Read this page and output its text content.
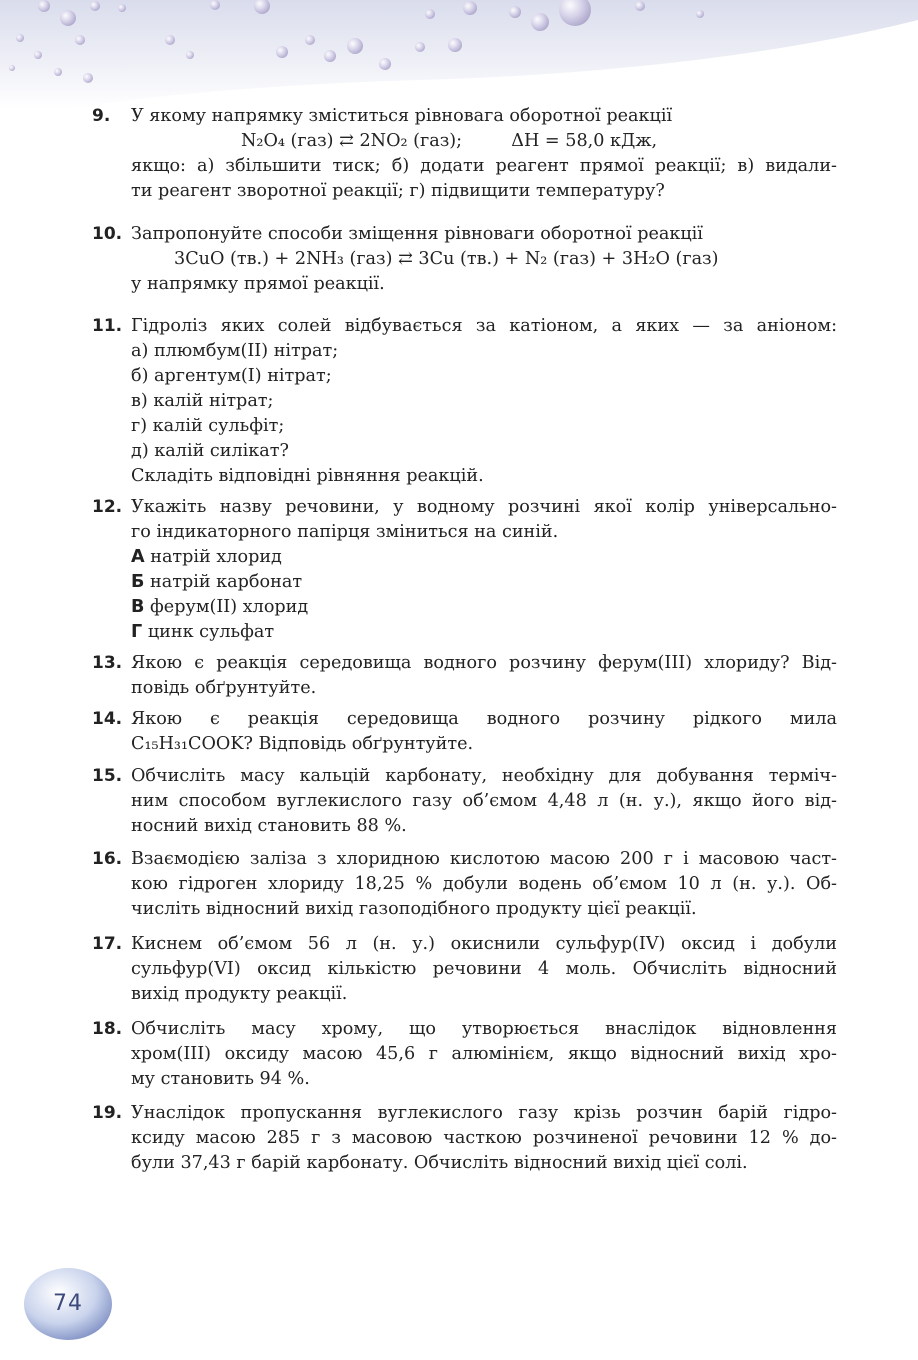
9. У якому напрямку зміститься рівновага оборотної реакції
N₂O₄ (газ) ⇄ 2NO₂ (газ);	ΔH = 58,0 кДж,
якщо: а) збільшити тиск; б) додати реагент прямої реакції; в) видали-
ти реагент зворотної реакції; г) підвищити температуру?
10. Запропонуйте способи зміщення рівноваги оборотної реакції
3CuO (тв.) + 2NH₃ (газ) ⇄ 3Cu (тв.) + N₂ (газ) + 3H₂O (газ)
у напрямку прямої реакції.
11. Гідроліз яких солей відбувається за катіоном, а яких — за аніоном:
а) плюмбум(II) нітрат;
б) аргентум(I) нітрат;
в) калій нітрат;
г) калій сульфіт;
д) калій силікат?
Складіть відповідні рівняння реакцій.
12. Укажіть назву речовини, у водному розчині якої колір універсально-
го індикаторного папірця зміниться на синій.
А натрій хлорид
Б натрій карбонат
В ферум(II) хлорид
Г цинк сульфат
13. Якою є реакція середовища водного розчину ферум(III) хлориду? Від-
повідь обґрунтуйте.
14. Якою є реакція середовища водного розчину рідкого мила
C₁₅H₃₁COOK? Відповідь обґрунтуйте.
15. Обчисліть масу кальцій карбонату, необхідну для добування терміч-
ним способом вуглекислого газу об’ємом 4,48 л (н. у.), якщо його від-
носний вихід становить 88 %.
16. Взаємодією заліза з хлоридною кислотою масою 200 г і масовою част-
кою гідроген хлориду 18,25 % добули водень об’ємом 10 л (н. у.). Об-
числіть відносний вихід газоподібного продукту цієї реакції.
17. Киснем об’ємом 56 л (н. у.) окиснили сульфур(IV) оксид і добули
сульфур(VI) оксид кількістю речовини 4 моль. Обчисліть відносний
вихід продукту реакції.
18. Обчисліть масу хрому, що утворюється внаслідок відновлення
хром(III) оксиду масою 45,6 г алюмінієм, якщо відносний вихід хро-
му становить 94 %.
19. Унаслідок пропускання вуглекислого газу крізь розчин барій гідро-
ксиду масою 285 г з масовою часткою розчиненої речовини 12 % до-
були 37,43 г барій карбонату. Обчисліть відносний вихід цієї солі.
74
